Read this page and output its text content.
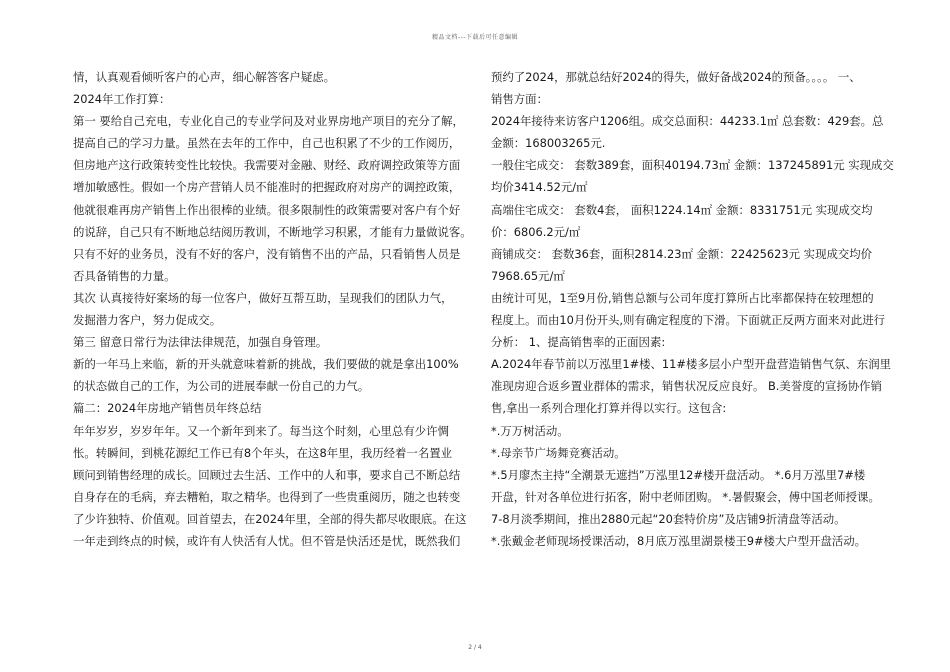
精品文档---下载后可任意编辑
情，认真观看倾听客户的心声，细心解答客户疑虑。
2024年工作打算：
第一 要给自己充电，专业化自己的专业学问及对业界房地产项目的充分了解，
提高自己的学习力量。虽然在去年的工作中，自己也积累了不少的工作阅历，
但房地产这行政策转变性比较快。我需要对金融、财经、政府调控政策等方面
增加敏感性。假如一个房产营销人员不能准时的把握政府对房产的调控政策，
他就很难再房产销售上作出很棒的业绩。很多限制性的政策需要对客户有个好
的说辞，自己只有不断地总结阅历教训，不断地学习积累，才能有力量做说客。
只有不好的业务员，没有不好的客户，没有销售不出的产品，只看销售人员是
否具备销售的力量。
其次 认真接待好案场的每一位客户，做好互帮互助，呈现我们的团队力气，
发掘潜力客户，努力促成交。
第三 留意日常行为法律法律规范，加强自身管理。
新的一年马上来临，新的开头就意味着新的挑战，我们要做的就是拿出100%
的状态做自己的工作，为公司的进展奉献一份自己的力气。
篇二：2024年房地产销售员年终总结
年年岁岁，岁岁年年。又一个新年到来了。每当这个时刻，心里总有少许惆
怅。转瞬间，到桃花源纪工作已有8个年头，在这8年里，我历经着一名置业
顾问到销售经理的成长。回顾过去生活、工作中的人和事，要求自己不断总结
自身存在的毛病，弃去糟粕，取之精华。也得到了一些贵重阅历，随之也转变
了少许独特、价值观。回首望去，在2024年里，全部的得失都尽收眼底。在这
一年走到终点的时候，或许有人快活有人忧。但不管是快活还是忧，既然我们
预约了2024，那就总结好2024的得失，做好备战2024的预备。。。。 一、
销售方面：
2024年接待来访客户1206组。成交总面积：44233.1㎡ 总套数：429套。总
金额：168003265元.
一般住宅成交： 套数389套，面积40194.73㎡ 金额：137245891元 实现成交
均价3414.52元/㎡
高端住宅成交： 套数4套， 面积1224.14㎡ 金额：8331751元 实现成交均
价：6806.2元/㎡
商铺成交： 套数36套，面积2814.23㎡ 金额：22425623元 实现成交均价
7968.65元/㎡
由统计可见，1至9月份,销售总额与公司年度打算所占比率都保持在较理想的
程度上。而由10月份开头,则有确定程度的下滑。下面就正反两方面来对此进行
分析： 1、提高销售率的正面因素:
A.2024年春节前以万泓里1#楼、11#楼多层小户型开盘营造销售气氛、东润里
准现房迎合返乡置业群体的需求，销售状况反应良好。 B.美誉度的宣扬协作销
售,拿出一系列合理化打算并得以实行。这包含:
*.万万树活动。
*.母亲节广场舞竞赛活动。
*.5月廖杰主持“全潮景无遮挡”万泓里12#楼开盘活动。 *.6月万泓里7#楼
开盘，针对各单位进行拓客，附中老师团购。 *.暑假聚会，傅中国老师授课。
7-8月淡季期间，推出2880元起“20套特价房”及店铺9折清盘等活动。
*.张戴金老师现场授课活动，8月底万泓里湖景楼王9#楼大户型开盘活动。
2 / 4
